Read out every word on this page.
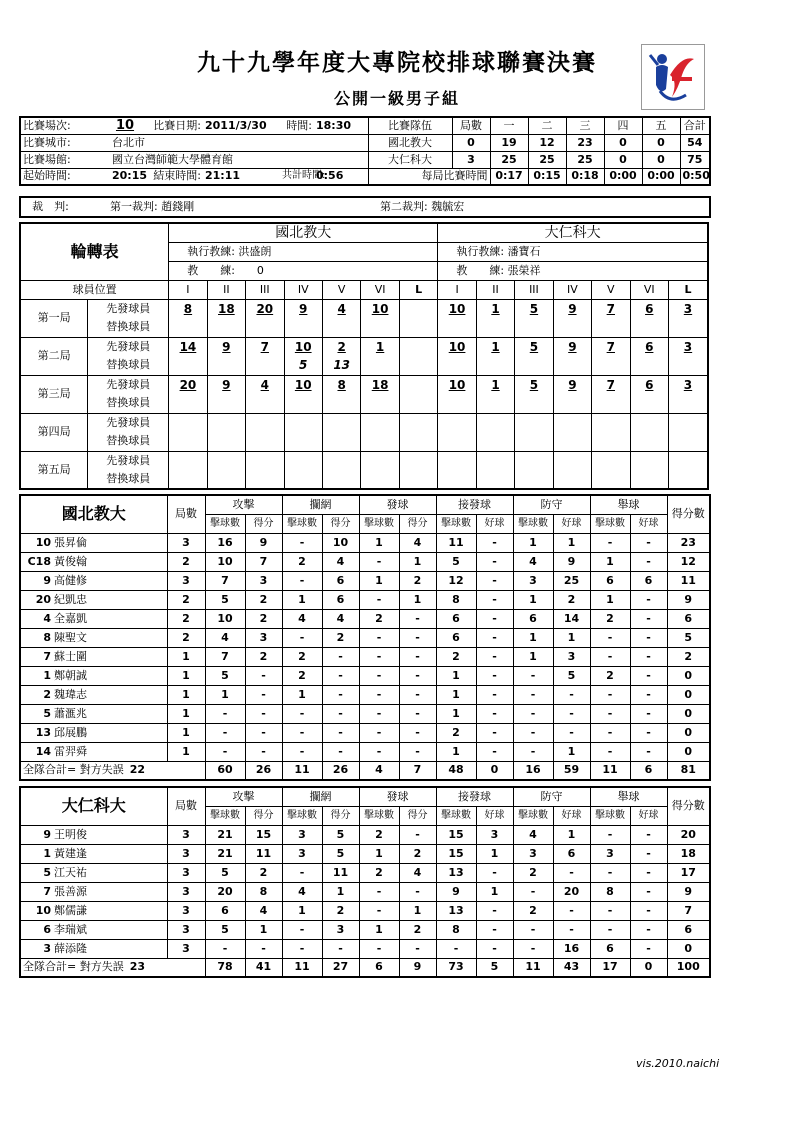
九十九學年度大專院校排球聯賽決賽
公開一級男子組
比賽場次:	10	比賽日期:	2011/3/30	時間:	18:30	比賽隊伍	局數	一	二	三	四	五	合計
比賽城市:	台北市					國北教大	0	19	12	23	0	0	54
比賽場館:	國立台灣師範大學體育館					大仁科大	3	25	25	25	0	0	75
起始時間:	20:15	結束時間:	21:11	共計時間:	0:56	每局比賽時間		0:17	0:15	0:18	0:00	0:00	0:50
裁　判:	第一裁判: 趙錢剛	第二裁判: 魏毓宏
輪轉表		國北教大							大仁科大						
		執行教練: 洪盛朗							執行教練: 潘寶石						
		教　　練:　　 0							教　　練: 張榮祥						
球員位置		I	II	III	IV	V	VI	L	I	II	III	IV	V	VI	L
第一局	先發球員	8	18	20	9	4	10		10	1	5	9	7	6	3
	替換球員														
第二局	先發球員	14	9	7	10	2	1		10	1	5	9	7	6	3
	替換球員				5	13									
第三局	先發球員	20	9	4	10	8	18		10	1	5	9	7	6	3
	替換球員														
第四局	先發球員														
	替換球員														
第五局	先發球員														
	替換球員														
國北教大	局數	攻擊		攔網		發球		接發球		防守		舉球		得分數
		擊球數	得分	擊球數	得分	擊球數	得分	擊球數	好球	擊球數	好球	擊球數	好球	
10 張昇倫	3	16	9	-	10	1	4	11	-	1	1	-	-	23
C18 黃俊翰	2	10	7	2	4	-	1	5	-	4	9	1	-	12
9 高健修	3	7	3	-	6	1	2	12	-	3	25	6	6	11
20 紀凱忠	2	5	2	1	6	-	1	8	-	1	2	1	-	9
4 全嘉凱	2	10	2	4	4	2	-	6	-	6	14	2	-	6
8 陳聖文	2	4	3	-	2	-	-	6	-	1	1	-	-	5
7 蘇士圍	1	7	2	2	-	-	-	2	-	1	3	-	-	2
1 鄭朝誠	1	5	-	2	-	-	-	1	-	-	5	2	-	0
2 魏瑋志	1	1	-	1	-	-	-	1	-	-	-	-	-	0
5 蕭滙兆	1	-	-	-	-	-	-	1	-	-	-	-	-	0
13 邱展鵬	1	-	-	-	-	-	-	2	-	-	-	-	-	0
14 雷羿舜	1	-	-	-	-	-	-	1	-	-	1	-	-	0
全隊合計= 對方失誤 22		60	26	11	26	4	7	48	0	16	59	11	6	81
大仁科大	局數	攻擊		攔網		發球		接發球		防守		舉球		得分數
		擊球數	得分	擊球數	得分	擊球數	得分	擊球數	好球	擊球數	好球	擊球數	好球	
9 王明俊	3	21	15	3	5	2	-	15	3	4	1	-	-	20
1 黃建逢	3	21	11	3	5	1	2	15	1	3	6	3	-	18
5 江天祐	3	5	2	-	11	2	4	13	-	2	-	-	-	17
7 張善源	3	20	8	4	1	-	-	9	1	-	20	8	-	9
10 鄭儒謙	3	6	4	1	2	-	1	13	-	2	-	-	-	7
6 李瑞斌	3	5	1	-	3	1	2	8	-	-	-	-	-	6
3 薛添隆	3	-	-	-	-	-	-	-	-	-	16	6	-	0
全隊合計= 對方失誤 23		78	41	11	27	6	9	73	5	11	43	17	0	100
vis.2010.naichi
